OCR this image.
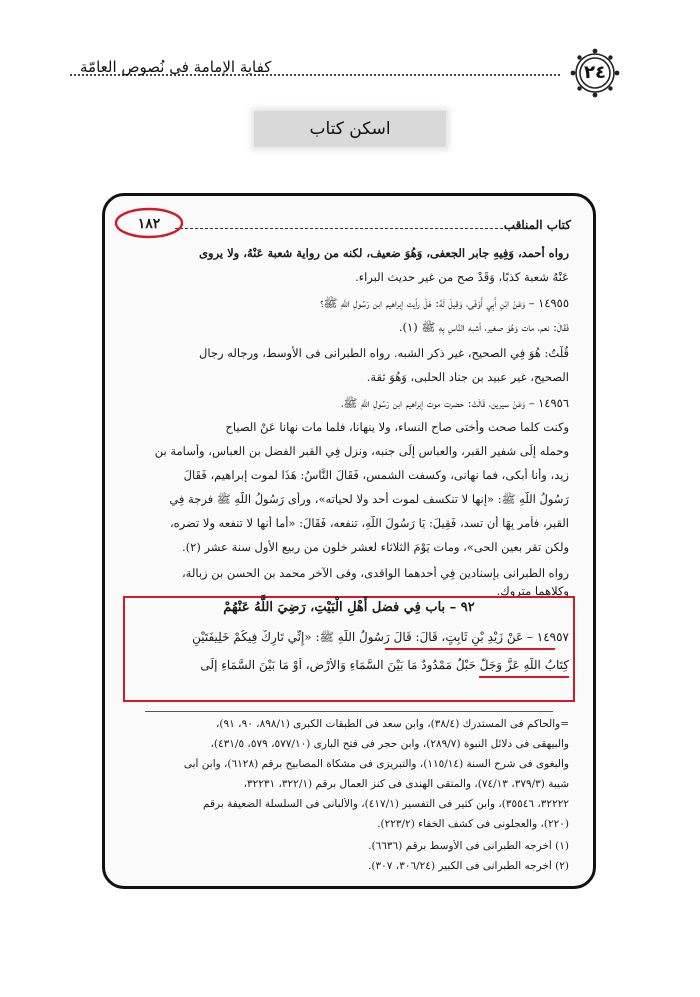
كفاية الإمامة فى نُصوص العامّة	٢٤
اسكن كتاب
كتاب المناقب
١٨٢
رواه أحمد، وَفِيهِ جابر الجعفى، وَهُوَ ضعيف، لكنه من رواية شعبة عَنْهُ، ولا يروى
عَنْهُ شعبة كذبًا، وَقَدْ صح من غير حديث البراء.
١٤٩٥٥ – وَعَنْ ابْنِ أَبِي أَوْفَى، وَقِيلَ لَهُ: هَلْ رأيت إبراهيم ابن رَسُولِ اللَّهِ ﷺ؟
فَقَالَ: نعم، مات وَهُوَ صغير، أشبه النَّاسِ بِهِ ﷺ (١).
قُلْتُ: هُوَ فِي الصحيح، غير ذكر الشبه. رواه الطبرانى فى الأوسط، ورجاله رجال
الصحيح، غير عبيد بن جناد الحلبى، وَهُوَ ثقة.
١٤٩٥٦ – وَعَنْ سيرين، قَالَتْ: حضرت موت إبراهيم ابن رَسُولِ اللَّهِ ﷺ،
وكنت كلما صحت وأختى صاح النساء، ولا ينهانا، فلما مات نهانا عَنْ الصياح
وحمله إِلَى شفير القبر، والعباس إِلَى جنبه، ونزل فِي القبر الفضل بن العباس، وأسامة بن
زيد، وأنا أبكى، فما نهانى، وكسفت الشمس، فَقَالَ النَّاسُ: هَذَا لموت إبراهيم، فَقَالَ
رَسُولُ اللَّهِ ﷺ: «إنها لا تنكسف لموت أحد ولا لحياته»، ورأى رَسُولُ اللَّهِ ﷺ فرجة فِي
القبر، فأمر بِهَا أن تسد، فَقِيلَ: يَا رَسُولَ اللَّهِ، تنفعه، فَقَالَ: «أما أنها لا تنفعه ولا تضره،
ولكن تقر بعين الحى»، ومات يَوْمَ الثلاثاء لعشر خلون من ربيع الأول سنة عشر (٢).
رواه الطبرانى بإسنادين فِي أحدهما الواقدى، وفى الآخر محمد بن الحسن بن زبالة،
وكلاهما متروك.
٩٢ – باب فِي فضل أَهْلِ الْبَيْتِ، رَضِيَ اللَّهُ عَنْهُمْ
١٤٩٥٧ – عَنْ زَيْدِ بْنِ ثَابِتٍ، قَالَ: قَالَ رَسُولُ اللَّهِ ﷺ: «إِنِّي تَارِكٌ فِيكُمْ خَلِيفَتَيْنِ
كِتَابُ اللَّهِ عَزَّ وَجَلَّ حَبْلٌ مَمْدُودٌ مَا بَيْنَ السَّمَاءِ وَالأَرْضِ، أَوْ مَا بَيْنَ السَّمَاءِ إِلَى
=والحاكم فى المستدرك (٣٨/٤)، وابن سعد فى الطبقات الكبرى (٨٩٨/١، ٩٠، ٩١)،
والبيهقى فى دلائل النبوة (٢٨٩/٧)، وابن حجر فى فتح البارى (٥٧٧/١٠، ٥٧٩، ٤٣١/٥)،
والبغوى فى شرح السنة (١١٥/١٤)، والتبريزى فى مشكاة المصابيح برقم (٦١٢٨)، وابن أبى
شيبة (٣٧٩/٣، ٧٤/١٣)، والمتقى الهندى فى كنز العمال برقم (٣٢٢/١، ٣٢٢٣١،
٣٢٢٢٢، ٣٥٥٤٦)، وابن كثير فى التفسير (٤١٧/١)، والألبانى فى السلسلة الضعيفة برقم
(٢٢٠)، والعجلونى فى كشف الخفاء (٢٢٣/٢).
(١) أخرجه الطبرانى فى الأوسط برقم (٦٦٣٦).
(٢) أخرجه الطبرانى فى الكبير (٣٠٦/٢٤، ٣٠٧).
